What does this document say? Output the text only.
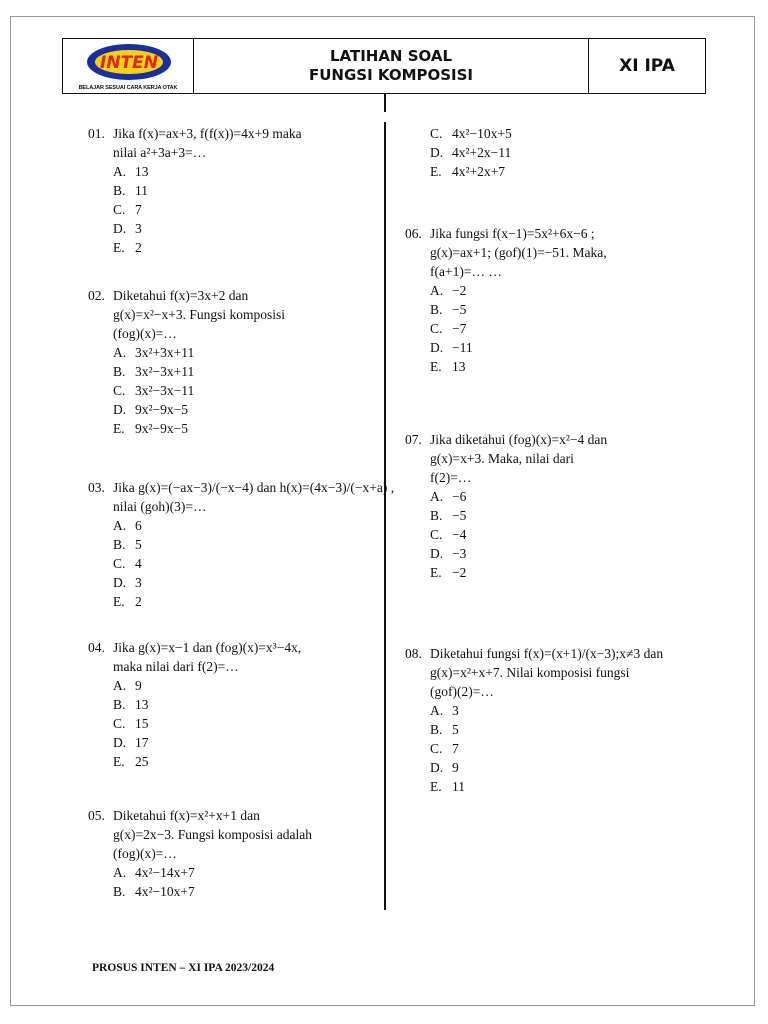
INTEN
BELAJAR SESUAI CARA KERJA OTAK
LATIHAN SOAL
FUNGSI KOMPOSISI	XI IPA
01. Jika f(x)=ax+3, f(f(x))=4x+9 maka
nilai a²+3a+3=…
A. 13
B. 11
C. 7
D. 3
E. 2
02. Diketahui f(x)=3x+2 dan
g(x)=x²−x+3. Fungsi komposisi
(fog)(x)=…
A. 3x²+3x+11
B. 3x²−3x+11
C. 3x²−3x−11
D. 9x²−9x−5
E. 9x²−9x−5
03. Jika g(x)=(−ax−3)/(−x−4) dan h(x)=(4x−3)/(−x+a) ,
nilai (goh)(3)=…
A. 6
B. 5
C. 4
D. 3
E. 2
04. Jika g(x)=x−1 dan (fog)(x)=x³−4x,
maka nilai dari f(2)=…
A. 9
B. 13
C. 15
D. 17
E. 25
05. Diketahui f(x)=x²+x+1 dan
g(x)=2x−3. Fungsi komposisi adalah
(fog)(x)=…
A. 4x²−14x+7
B. 4x²−10x+7
C. 4x²−10x+5
D. 4x²+2x−11
E. 4x²+2x+7
06. Jika fungsi f(x−1)=5x²+6x−6 ;
g(x)=ax+1; (gof)(1)=−51. Maka,
f(a+1)=… …
A. −2
B. −5
C. −7
D. −11
E. 13
07. Jika diketahui (fog)(x)=x²−4 dan
g(x)=x+3. Maka, nilai dari
f(2)=…
A. −6
B. −5
C. −4
D. −3
E. −2
08. Diketahui fungsi f(x)=(x+1)/(x−3);x≠3 dan
g(x)=x²+x+7. Nilai komposisi fungsi
(gof)(2)=…
A. 3
B. 5
C. 7
D. 9
E. 11
PROSUS INTEN – XI IPA 2023/2024
